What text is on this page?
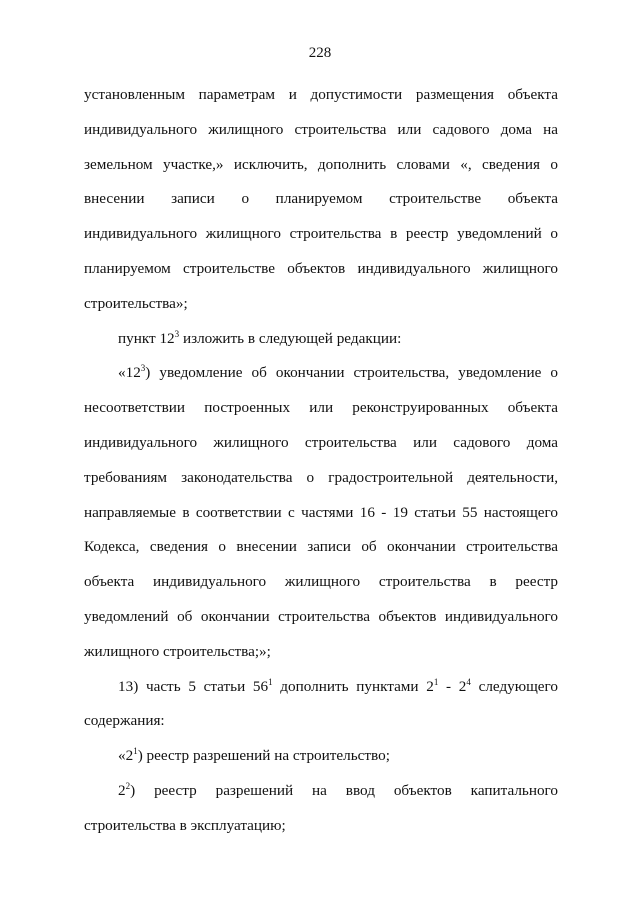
228

установленным параметрам и допустимости размещения объекта индивидуального жилищного строительства или садового дома на земельном участке,» исключить, дополнить словами «, сведения о внесении записи о планируемом строительстве объекта индивидуального жилищного строительства в реестр уведомлений о планируемом строительстве объектов индивидуального жилищного строительства»;

пункт $12^3$ изложить в следующей редакции:

«$12^3$) уведомление об окончании строительства, уведомление о несоответствии построенных или реконструированных объекта индивидуального жилищного строительства или садового дома требованиям законодательства о градостроительной деятельности, направляемые в соответствии с частями 16 - 19 статьи 55 настоящего Кодекса, сведения о внесении записи об окончании строительства объекта индивидуального жилищного строительства в реестр уведомлений об окончании строительства объектов индивидуального жилищного строительства;»;

13) часть 5 статьи $56^1$ дополнить пунктами $2^1 - 2^4$ следующего содержания:

«$2^1$) реестр разрешений на строительство;

$2^2$) реестр разрешений на ввод объектов капитального строительства в эксплуатацию;
